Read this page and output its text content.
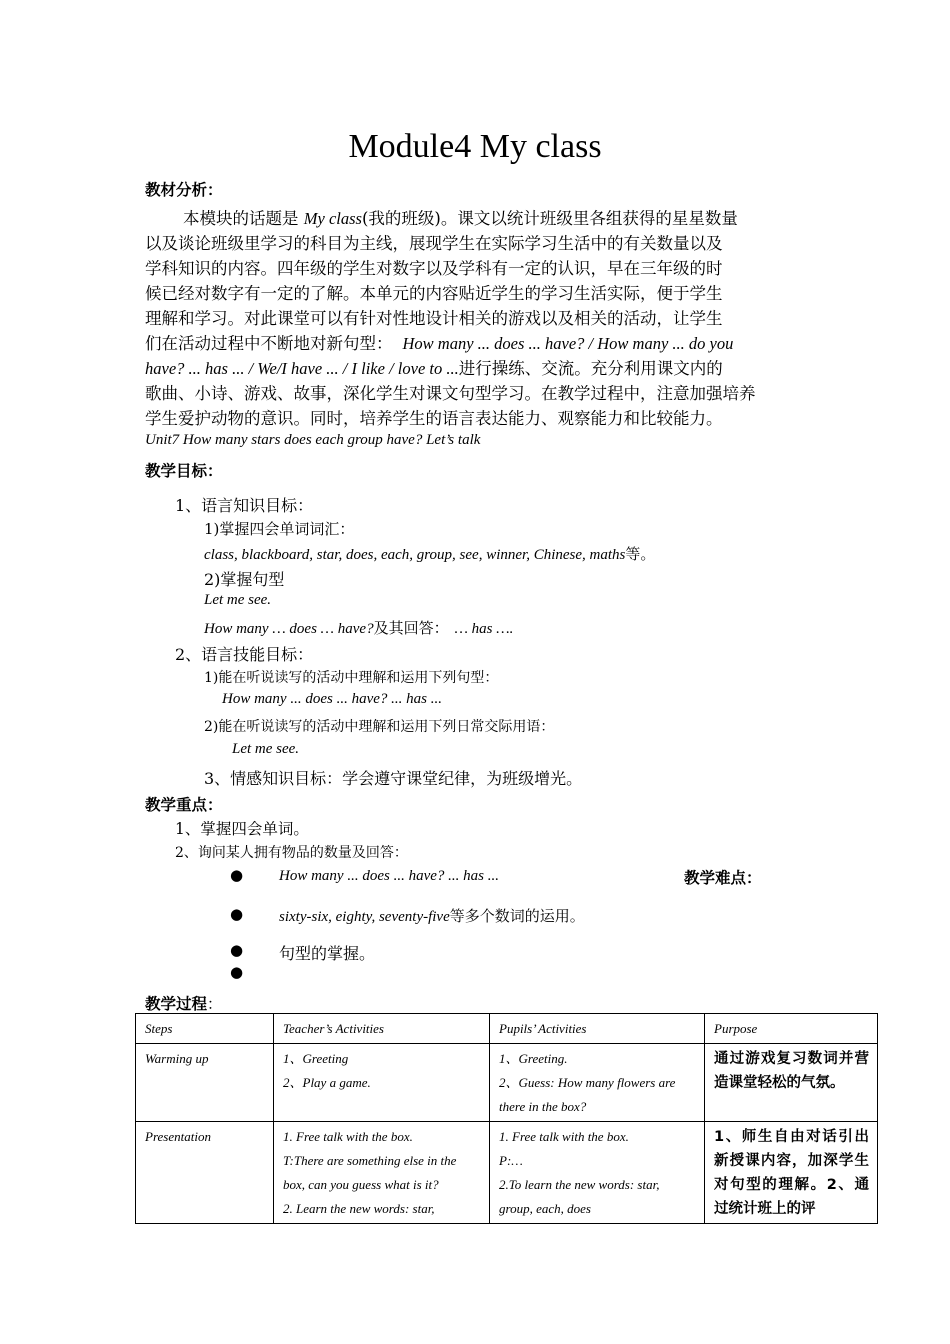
Module4 My class
教材分析：
本模块的话题是 My class(我的班级)。课文以统计班级里各组获得的星星数量
以及谈论班级里学习的科目为主线，展现学生在实际学习生活中的有关数量以及
学科知识的内容。四年级的学生对数字以及学科有一定的认识，早在三年级的时
候已经对数字有一定的了解。本单元的内容贴近学生的学习生活实际，便于学生
理解和学习。对此课堂可以有针对性地设计相关的游戏以及相关的活动，让学生
们在活动过程中不断地对新句型： How many ... does ... have? / How many ... do you
have? ... has ... / We/I have ... / I like / love to ...进行操练、交流。充分利用课文内的
歌曲、小诗、游戏、故事，深化学生对课文句型学习。在教学过程中，注意加强培养
学生爱护动物的意识。同时，培养学生的语言表达能力、观察能力和比较能力。
Unit7 How many stars does each group have? Let’s talk
教学目标：
1、语言知识目标：
1)掌握四会单词词汇：
class, blackboard, star, does, each, group, see, winner, Chinese, maths等。
2)掌握句型
Let me see.
How many … does … have?及其回答： … has ….
2、语言技能目标：
1)能在听说读写的活动中理解和运用下列句型：
How many ... does ... have? ... has ...
2)能在听说读写的活动中理解和运用下列日常交际用语：
Let me see.
3、情感知识目标：学会遵守课堂纪律，为班级增光。
教学重点：
1、掌握四会单词。
2、询问某人拥有物品的数量及回答：
● How many ... does ... have? ... has ...	教学难点：
● sixty-six, eighty, seventy-five等多个数词的运用。
● 句型的掌握。
●
教学过程：
Steps	Teacher’s Activities	Pupils’ Activities	Purpose
Warming up	1、Greeting
2、Play a game.	1、Greeting.
2、Guess: How many flowers are
there in the box?	通过游戏复习数词并营造课堂轻松的气氛。
Presentation	1. Free talk with the box.
T:There are something else in the
box, can you guess what is it?
2. Learn the new words: star,	1. Free talk with the box.
P:…
2.To learn the new words: star,
group, each, does	1、师生自由对话引出新授课内容，加深学生对句型的理解。2、通过统计班上的评
